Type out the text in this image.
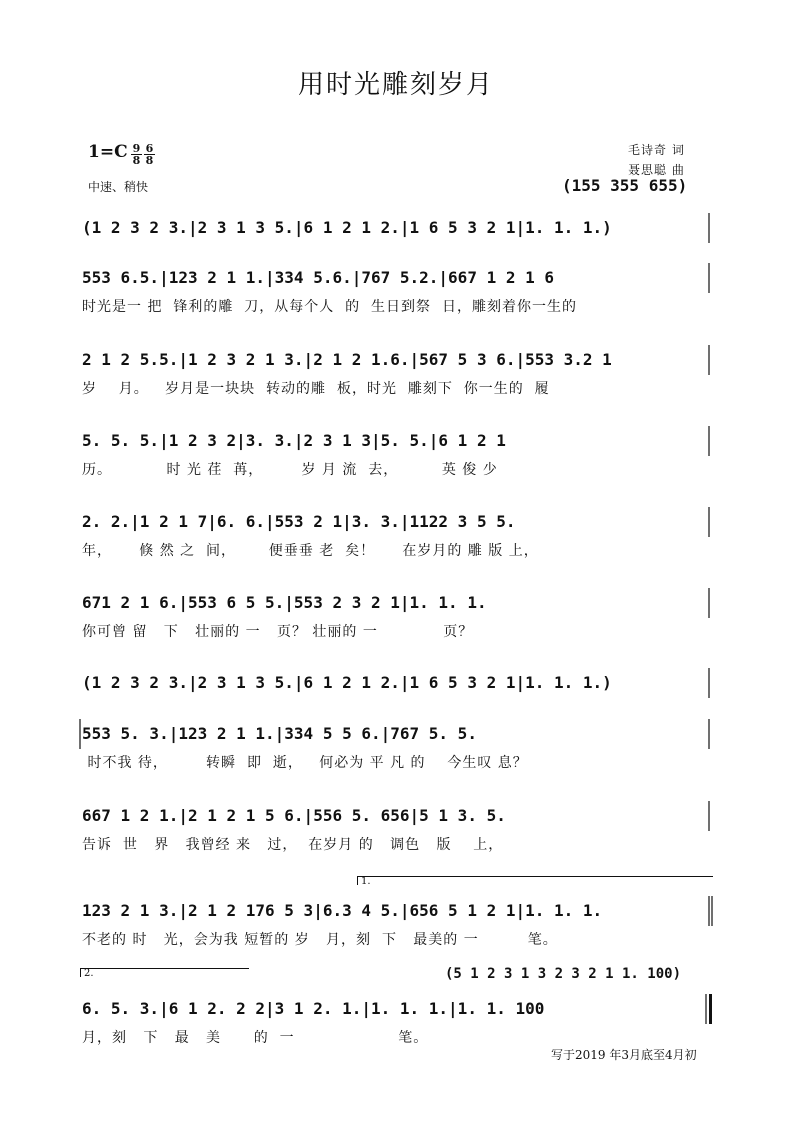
用时光雕刻岁月
$1=C \frac{9}{8} \frac{6}{8}$
中速、稍快
毛诗奇 词
聂思聪 曲
(155 355 655)
(1 2 3 2 3.|2 3 1 3 5.|6 1 2 1 2.|1 6 5 3 2 1|1. 1. 1.)
553 6.5.|123 2 1 1.|334 5.6.|767 5.2.|667 1 2 1 6
时光是一 把  锋利的雕  刀，从每个人  的  生日到祭  日，雕刻着你一生的
2 1 2 5.5.|1 2 3 2 1 3.|2 1 2 1.6.|567 5 3 6.|553 3.2 1
岁    月。   岁月是一块块  转动的雕  板，时光  雕刻下  你一生的  履
5. 5. 5.|1 2 3 2|3. 3.|2 3 1 3|5. 5.|6 1 2 1
历。          时 光 荏  苒，       岁 月 流  去，        英 俊 少
2. 2.|1 2 1 7|6. 6.|553 2 1|3. 3.|1122 3 5 5.
年，     倏 然 之  间，      便垂垂 老  矣！     在岁月的 雕 版 上，
671 2 1 6.|553 6 5 5.|553 2 3 2 1|1. 1. 1.
你可曾 留   下   壮丽的 一   页？ 壮丽的 一            页？
(1 2 3 2 3.|2 3 1 3 5.|6 1 2 1 2.|1 6 5 3 2 1|1. 1. 1.)
553 5. 3.|123 2 1 1.|334 5 5 6.|767 5. 5.
时不我 待，       转瞬  即  逝，   何必为 平 凡 的    今生叹 息？
667 1 2 1.|2 1 2 1 5 6.|556 5. 656|5 1 3. 5.
告诉  世   界   我曾经 来   过，  在岁月 的   调色   版    上，
1.
123 2 1 3.|2 1 2 176 5 3|6.3 4 5.|656 5 1 2 1|1. 1. 1.
不老的 时   光，会为我 短暂的 岁   月，刻  下   最美的 一         笔。
2.	(5 1 2 3 1 3 2 3 2 1 1. 100)
6. 5. 3.|6 1 2. 2 2|3 1 2. 1.|1. 1. 1.|1. 1. 100
月，刻   下   最   美      的  一                   笔。
写于2019 年3月底至4月初
